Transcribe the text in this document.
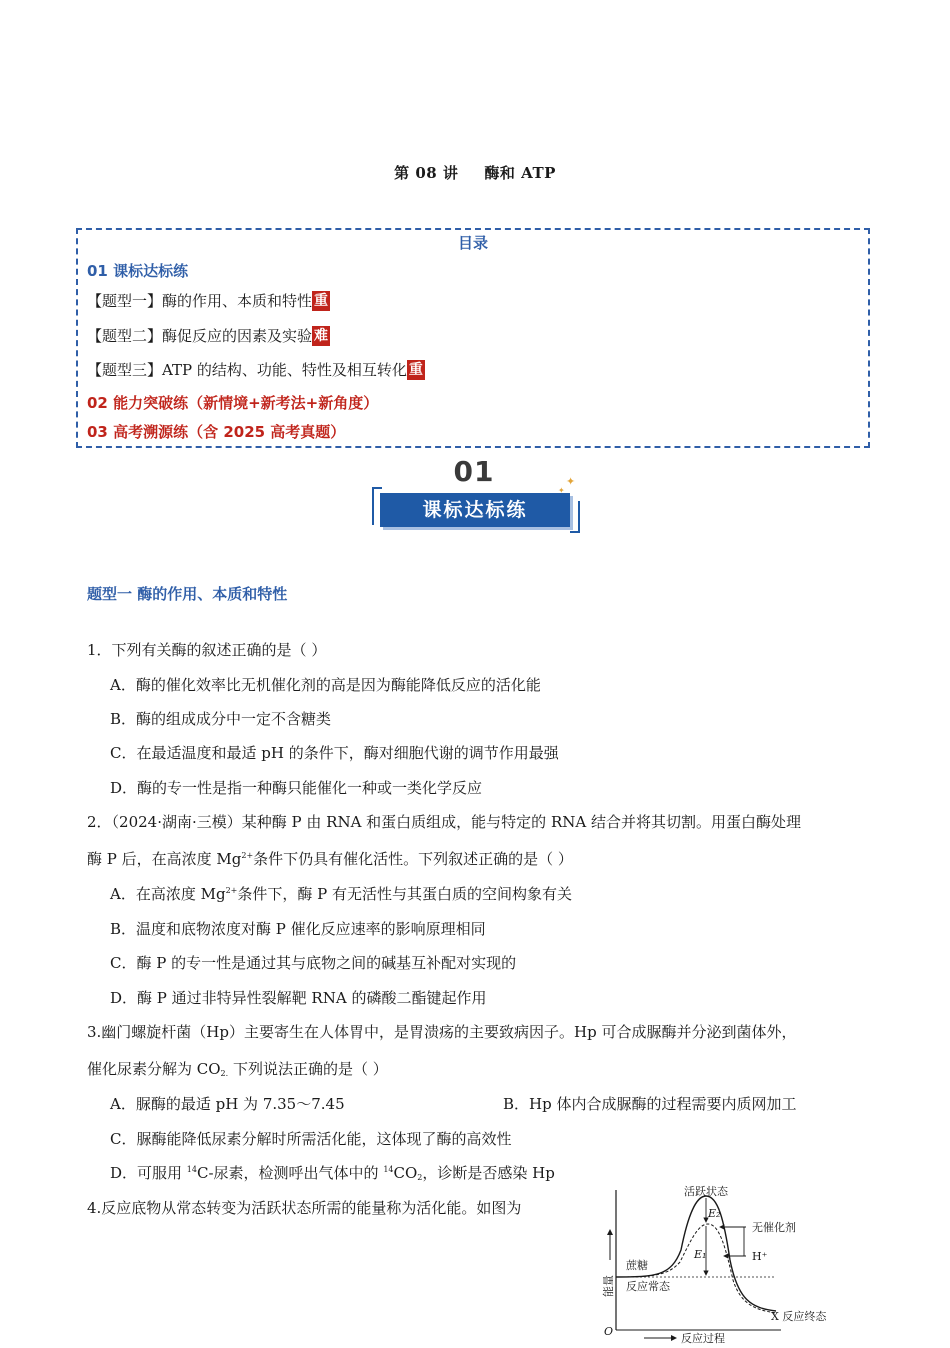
第 08 讲 酶和 ATP
目录
01 课标达标练
【题型一】酶的作用、本质和特性 重
【题型二】酶促反应的因素及实验 难
【题型三】ATP 的结构、功能、特性及相互转化 重
02 能力突破练（新情境+新考法+新角度）
03 高考溯源练（含 2025 高考真题）
01
课标达标练
✦
✦
题型一 酶的作用、本质和特性
1．下列有关酶的叙述正确的是（ ）
A．酶的催化效率比无机催化剂的高是因为酶能降低反应的活化能
B．酶的组成成分中一定不含糖类
C．在最适温度和最适 pH 的条件下，酶对细胞代谢的调节作用最强
D．酶的专一性是指一种酶只能催化一种或一类化学反应
2．（2024·湖南·三模）某种酶 P 由 RNA 和蛋白质组成，能与特定的 RNA 结合并将其切割。用蛋白酶处理
酶 P 后，在高浓度 $Mg^{2+}$条件下仍具有催化活性。下列叙述正确的是（ ）
A．在高浓度 $Mg^{2+}$条件下，酶 P 有无活性与其蛋白质的空间构象有关
B．温度和底物浓度对酶 P 催化反应速率的影响原理相同
C．酶 P 的专一性是通过其与底物之间的碱基互补配对实现的
D．酶 P 通过非特异性裂解靶 RNA 的磷酸二酯键起作用
3.幽门螺旋杆菌（Hp）主要寄生在人体胃中，是胃溃疡的主要致病因子。Hp 可合成脲酶并分泌到菌体外，
催化尿素分解为 $CO_{2.}$ 下列说法正确的是（ ）
A．脲酶的最适 pH 为 7.35～7.45	B．Hp 体内合成脲酶的过程需要内质网加工
C．脲酶能降低尿素分解时所需活化能，这体现了酶的高效性
D．可服用 $^{14}$C-尿素，检测呼出气体中的 $^{14}CO_2$，诊断是否感染 Hp
4.反应底物从常态转变为活跃状态所需的能量称为活化能。如图为
活跃状态
无催化剂
H⁺
E₂
E₁
蔗糖
反应常态
能量
X 反应终态
O
反应过程
